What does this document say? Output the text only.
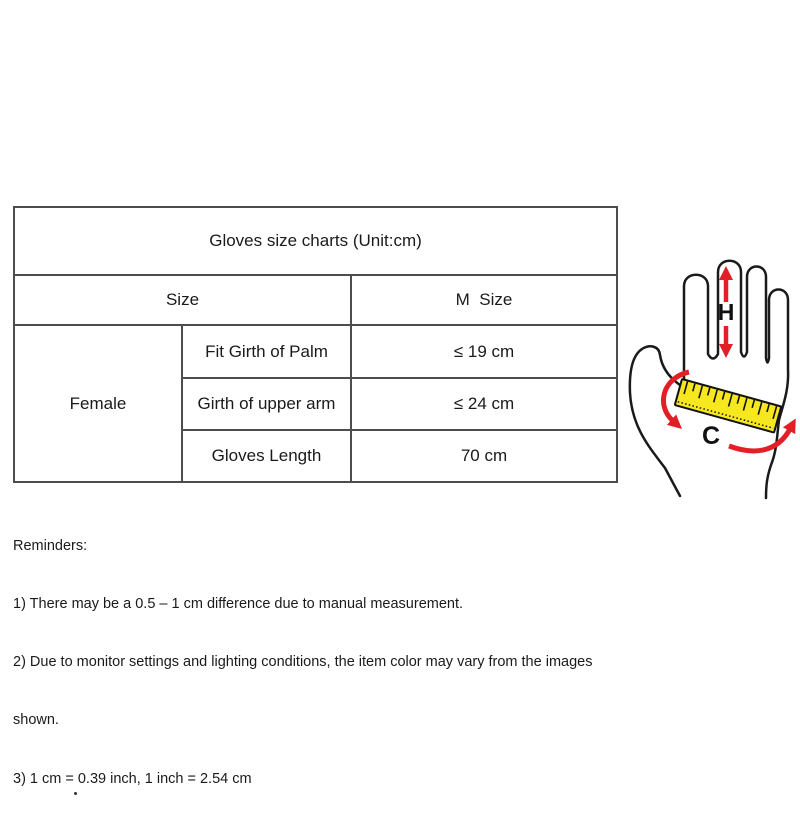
Gloves size charts (Unit:cm)		
Size		M  Size
Female	Fit Girth of Palm	≤ 19 cm
	Girth of upper arm	≤ 24 cm
	Gloves Length	70 cm

Reminders:

1) There may be a 0.5 – 1 cm difference due to manual measurement.

2) Due to monitor settings and lighting conditions, the item color may vary from the images

shown.

3) 1 cm = 0.39 inch, 1 inch = 2.54 cm

H
C
